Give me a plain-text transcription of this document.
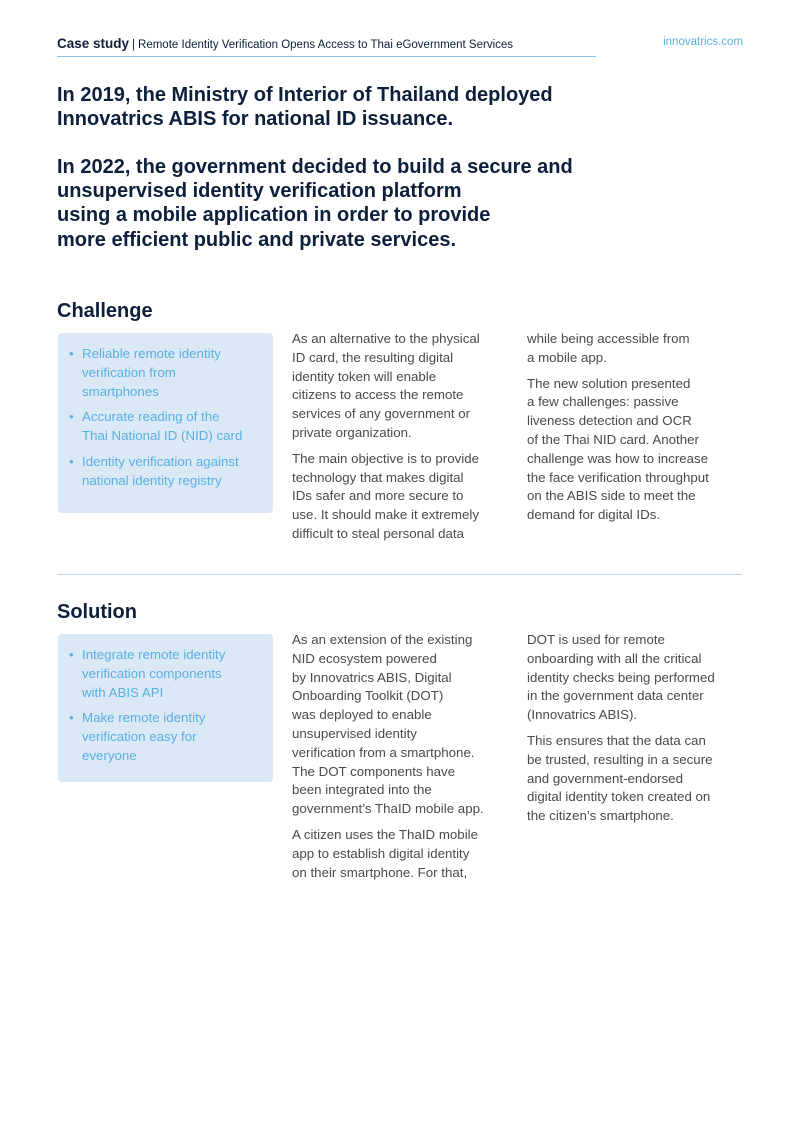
Case study | Remote Identity Verification Opens Access to Thai eGovernment Services	innovatrics.com

In 2019, the Ministry of Interior of Thailand deployed

Innovatrics ABIS for national ID issuance.

In 2022, the government decided to build a secure and

unsupervised identity verification platform

using a mobile application in order to provide

more efficient public and private services.

Challenge
• Reliable remote identity
verification from
smartphones
• Accurate reading of the
Thai National ID (NID) card
• Identity verification against
national identity registry

As an alternative to the physical
ID card, the resulting digital
identity token will enable
citizens to access the remote
services of any government or
private organization.

The main objective is to provide
technology that makes digital
IDs safer and more secure to
use. It should make it extremely
difficult to steal personal data

while being accessible from
a mobile app.

The new solution presented
a few challenges: passive
liveness detection and OCR
of the Thai NID card. Another
challenge was how to increase
the face verification throughput
on the ABIS side to meet the
demand for digital IDs.

Solution
• Integrate remote identity
verification components
with ABIS API
• Make remote identity
verification easy for
everyone

As an extension of the existing
NID ecosystem powered
by Innovatrics ABIS, Digital
Onboarding Toolkit (DOT)
was deployed to enable
unsupervised identity
verification from a smartphone.
The DOT components have
been integrated into the
government’s ThaID mobile app.

A citizen uses the ThaID mobile
app to establish digital identity
on their smartphone. For that,

DOT is used for remote
onboarding with all the critical
identity checks being performed
in the government data center
(Innovatrics ABIS).

This ensures that the data can
be trusted, resulting in a secure
and government-endorsed
digital identity token created on
the citizen’s smartphone.
